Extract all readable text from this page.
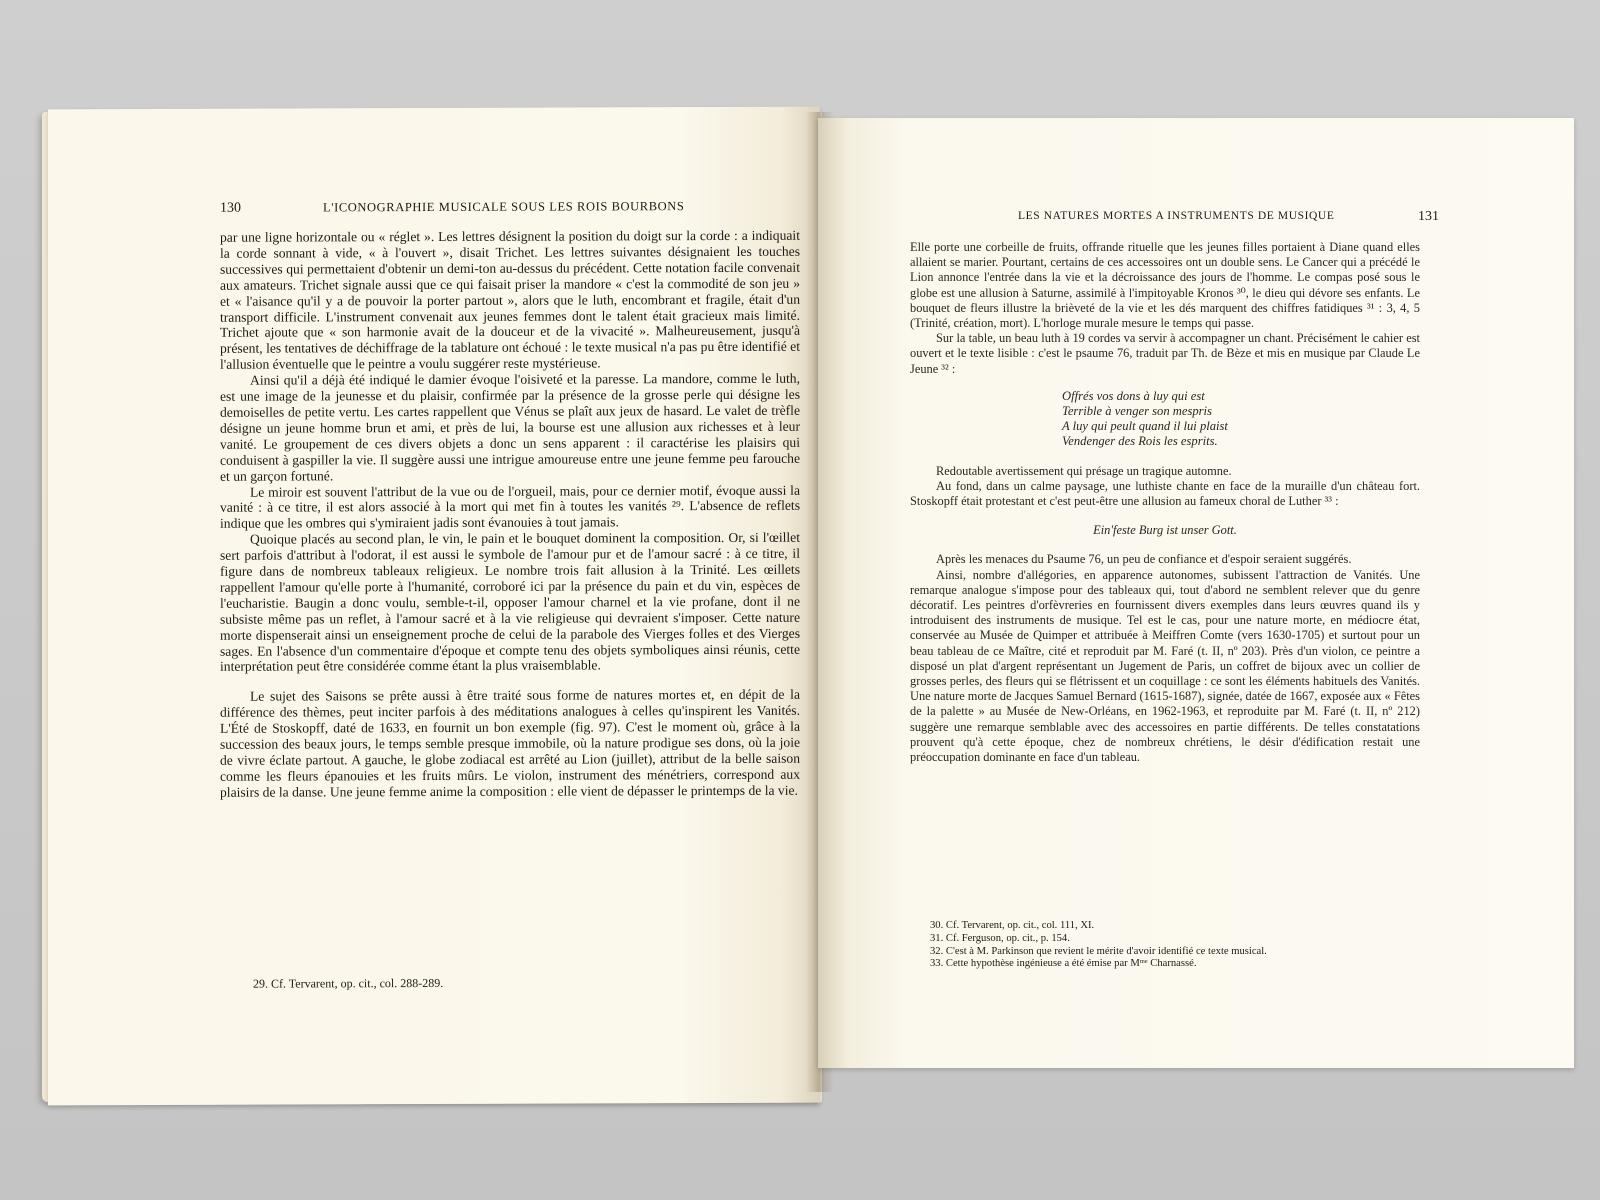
130	L'ICONOGRAPHIE MUSICALE SOUS LES ROIS BOURBONS

par une ligne horizontale ou « réglet ». Les lettres désignent la position du doigt sur la corde : a indiquait la corde sonnant à vide, « à l'ouvert », disait Trichet. Les lettres suivantes désignaient les touches successives qui permettaient d'obtenir un demi-ton au-dessus du précédent. Cette notation facile convenait aux amateurs. Trichet signale aussi que ce qui faisait priser la mandore « c'est la commodité de son jeu » et « l'aisance qu'il y a de pouvoir la porter partout », alors que le luth, encombrant et fragile, était d'un transport difficile. L'instrument convenait aux jeunes femmes dont le talent était gracieux mais limité. Trichet ajoute que « son harmonie avait de la douceur et de la vivacité ». Malheureusement, jusqu'à présent, les tentatives de déchiffrage de la tablature ont échoué : le texte musical n'a pas pu être identifié et l'allusion éventuelle que le peintre a voulu suggérer reste mystérieuse.

Ainsi qu'il a déjà été indiqué le damier évoque l'oisiveté et la paresse. La mandore, comme le luth, est une image de la jeunesse et du plaisir, confirmée par la présence de la grosse perle qui désigne les demoiselles de petite vertu. Les cartes rappellent que Vénus se plaît aux jeux de hasard. Le valet de trèfle désigne un jeune homme brun et ami, et près de lui, la bourse est une allusion aux richesses et à leur vanité. Le groupement de ces divers objets a donc un sens apparent : il caractérise les plaisirs qui conduisent à gaspiller la vie. Il suggère aussi une intrigue amoureuse entre une jeune femme peu farouche et un garçon fortuné.

Le miroir est souvent l'attribut de la vue ou de l'orgueil, mais, pour ce dernier motif, évoque aussi la vanité : à ce titre, il est alors associé à la mort qui met fin à toutes les vanités ²⁹. L'absence de reflets indique que les ombres qui s'ymiraient jadis sont évanouies à tout jamais.

Quoique placés au second plan, le vin, le pain et le bouquet dominent la composition. Or, si l'œillet sert parfois d'attribut à l'odorat, il est aussi le symbole de l'amour pur et de l'amour sacré : à ce titre, il figure dans de nombreux tableaux religieux. Le nombre trois fait allusion à la Trinité. Les œillets rappellent l'amour qu'elle porte à l'humanité, corroboré ici par la présence du pain et du vin, espèces de l'eucharistie. Baugin a donc voulu, semble-t-il, opposer l'amour charnel et la vie profane, dont il ne subsiste même pas un reflet, à l'amour sacré et à la vie religieuse qui devraient s'imposer. Cette nature morte dispenserait ainsi un enseignement proche de celui de la parabole des Vierges folles et des Vierges sages. En l'absence d'un commentaire d'époque et compte tenu des objets symboliques ainsi réunis, cette interprétation peut être considérée comme étant la plus vraisemblable.

Le sujet des Saisons se prête aussi à être traité sous forme de natures mortes et, en dépit de la différence des thèmes, peut inciter parfois à des méditations analogues à celles qu'inspirent les Vanités. L'Été de Stoskopff, daté de 1633, en fournit un bon exemple (fig. 97). C'est le moment où, grâce à la succession des beaux jours, le temps semble presque immobile, où la nature prodigue ses dons, où la joie de vivre éclate partout. A gauche, le globe zodiacal est arrêté au Lion (juillet), attribut de la belle saison comme les fleurs épanouies et les fruits mûrs. Le violon, instrument des ménétriers, correspond aux plaisirs de la danse. Une jeune femme anime la composition : elle vient de dépasser le printemps de la vie.

29. Cf. Tervarent, op. cit., col. 288-289.
LES NATURES MORTES A INSTRUMENTS DE MUSIQUE	131

Elle porte une corbeille de fruits, offrande rituelle que les jeunes filles portaient à Diane quand elles allaient se marier. Pourtant, certains de ces accessoires ont un double sens. Le Cancer qui a précédé le Lion annonce l'entrée dans la vie et la décroissance des jours de l'homme. Le compas posé sous le globe est une allusion à Saturne, assimilé à l'impitoyable Kronos ³⁰, le dieu qui dévore ses enfants. Le bouquet de fleurs illustre la brièveté de la vie et les dés marquent des chiffres fatidiques ³¹ : 3, 4, 5 (Trinité, création, mort). L'horloge murale mesure le temps qui passe.

Sur la table, un beau luth à 19 cordes va servir à accompagner un chant. Précisément le cahier est ouvert et le texte lisible : c'est le psaume 76, traduit par Th. de Bèze et mis en musique par Claude Le Jeune ³² :

Offrés vos dons à luy qui est
Terrible à venger son mespris
A luy qui peult quand il lui plaist
Vendenger des Rois les esprits.

Redoutable avertissement qui présage un tragique automne.

Au fond, dans un calme paysage, une luthiste chante en face de la muraille d'un château fort. Stoskopff était protestant et c'est peut-être une allusion au fameux choral de Luther ³³ :

Ein'feste Burg ist unser Gott.

Après les menaces du Psaume 76, un peu de confiance et d'espoir seraient suggérés.

Ainsi, nombre d'allégories, en apparence autonomes, subissent l'attraction de Vanités. Une remarque analogue s'impose pour des tableaux qui, tout d'abord ne semblent relever que du genre décoratif. Les peintres d'orfèvreries en fournissent divers exemples dans leurs œuvres quand ils y introduisent des instruments de musique. Tel est le cas, pour une nature morte, en médiocre état, conservée au Musée de Quimper et attribuée à Meiffren Comte (vers 1630-1705) et surtout pour un beau tableau de ce Maître, cité et reproduit par M. Faré (t. II, nº 203). Près d'un violon, ce peintre a disposé un plat d'argent représentant un Jugement de Paris, un coffret de bijoux avec un collier de grosses perles, des fleurs qui se flétrissent et un coquillage : ce sont les éléments habituels des Vanités. Une nature morte de Jacques Samuel Bernard (1615-1687), signée, datée de 1667, exposée aux « Fêtes de la palette » au Musée de New-Orléans, en 1962-1963, et reproduite par M. Faré (t. II, nº 212) suggère une remarque semblable avec des accessoires en partie différents. De telles constatations prouvent qu'à cette époque, chez de nombreux chrétiens, le désir d'édification restait une préoccupation dominante en face d'un tableau.

30. Cf. Tervarent, op. cit., col. 111, XI.
31. Cf. Ferguson, op. cit., p. 154.
32. C'est à M. Parkinson que revient le mérite d'avoir identifié ce texte musical.
33. Cette hypothèse ingénieuse a été émise par Mᵐᵉ Charnassé.
